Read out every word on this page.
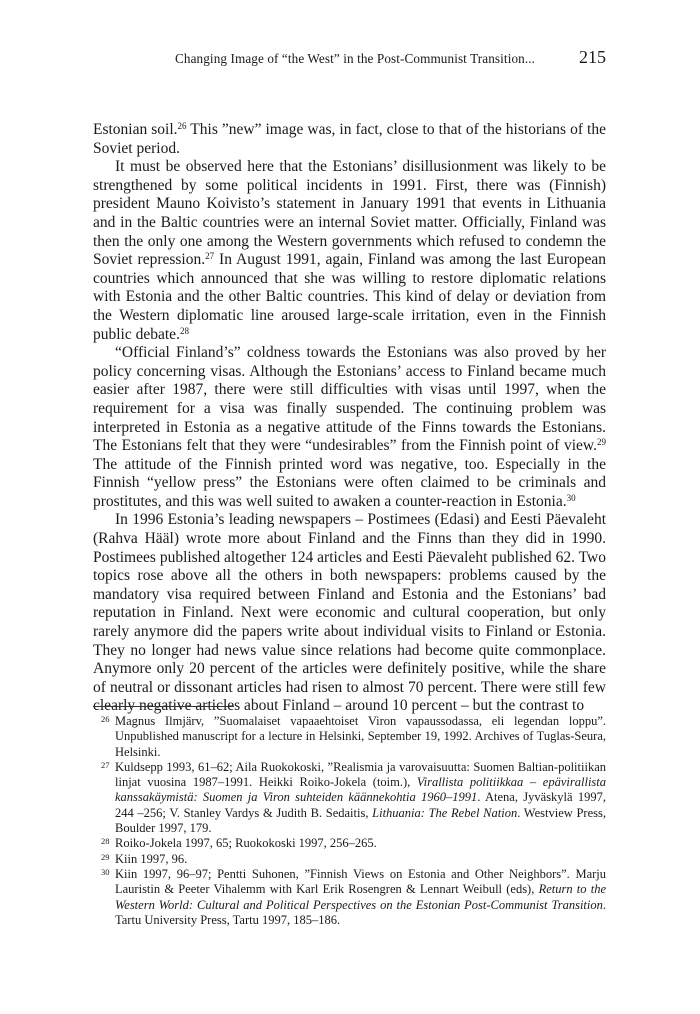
Changing Image of “the West” in the Post-Communist Transition... 215

Estonian soil.$^{26}$ This ”new” image was, in fact, close to that of the historians of the Soviet period.

It must be observed here that the Estonians’ disillusionment was likely to be strengthened by some political incidents in 1991. First, there was (Finnish) president Mauno Koivisto’s statement in January 1991 that events in Lithuania and in the Baltic countries were an internal Soviet matter. Officially, Finland was then the only one among the Western governments which refused to condemn the Soviet repression.$^{27}$ In August 1991, again, Finland was among the last European countries which announced that she was willing to restore diplomatic relations with Estonia and the other Baltic countries. This kind of delay or deviation from the Western diplomatic line aroused large-scale irritation, even in the Finnish public debate.$^{28}$

“Official Finland’s” coldness towards the Estonians was also proved by her policy concerning visas. Although the Estonians’ access to Finland became much easier after 1987, there were still difficulties with visas until 1997, when the requirement for a visa was finally suspended. The continuing problem was interpreted in Estonia as a negative attitude of the Finns towards the Estonians. The Estonians felt that they were “undesirables” from the Finnish point of view.$^{29}$ The attitude of the Finnish printed word was negative, too. Especially in the Finnish “yellow press” the Estonians were often claimed to be criminals and prostitutes, and this was well suited to awaken a counter-reaction in Estonia.$^{30}$

In 1996 Estonia’s leading newspapers – Postimees (Edasi) and Eesti Päevaleht (Rahva Hääl) wrote more about Finland and the Finns than they did in 1990. Postimees published altogether 124 articles and Eesti Päevaleht published 62. Two topics rose above all the others in both newspapers: problems caused by the mandatory visa required between Finland and Estonia and the Estonians’ bad reputation in Finland. Next were economic and cultural cooperation, but only rarely anymore did the papers write about individual visits to Finland or Estonia. They no longer had news value since relations had become quite commonplace. Anymore only 20 percent of the articles were definitely positive, while the share of neutral or dissonant articles had risen to almost 70 percent. There were still few clearly negative articles about Finland – around 10 percent – but the contrast to

26 Magnus Ilmjärv, ”Suomalaiset vapaaehtoiset Viron vapaussodassa, eli legendan loppu”. Unpublished manuscript for a lecture in Helsinki, September 19, 1992. Archives of Tuglas-Seura, Helsinki.

27 Kuldsepp 1993, 61–62; Aila Ruokokoski, ”Realismia ja varovaisuutta: Suomen Baltian-politiikan linjat vuosina 1987–1991. Heikki Roiko-Jokela (toim.), Virallista politiikkaa – epävirallista kanssakäymistä: Suomen ja Viron suhteiden käännekohtia 1960–1991. Atena, Jyväskylä 1997, 244 –256; V. Stanley Vardys & Judith B. Sedaitis, Lithuania: The Rebel Nation. Westview Press, Boulder 1997, 179.

28 Roiko-Jokela 1997, 65; Ruokokoski 1997, 256–265.

29 Kiin 1997, 96.

30 Kiin 1997, 96–97; Pentti Suhonen, ”Finnish Views on Estonia and Other Neighbors”. Marju Lauristin & Peeter Vihalemm with Karl Erik Rosengren & Lennart Weibull (eds), Return to the Western World: Cultural and Political Perspectives on the Estonian Post-Communist Transition. Tartu University Press, Tartu 1997, 185–186.
